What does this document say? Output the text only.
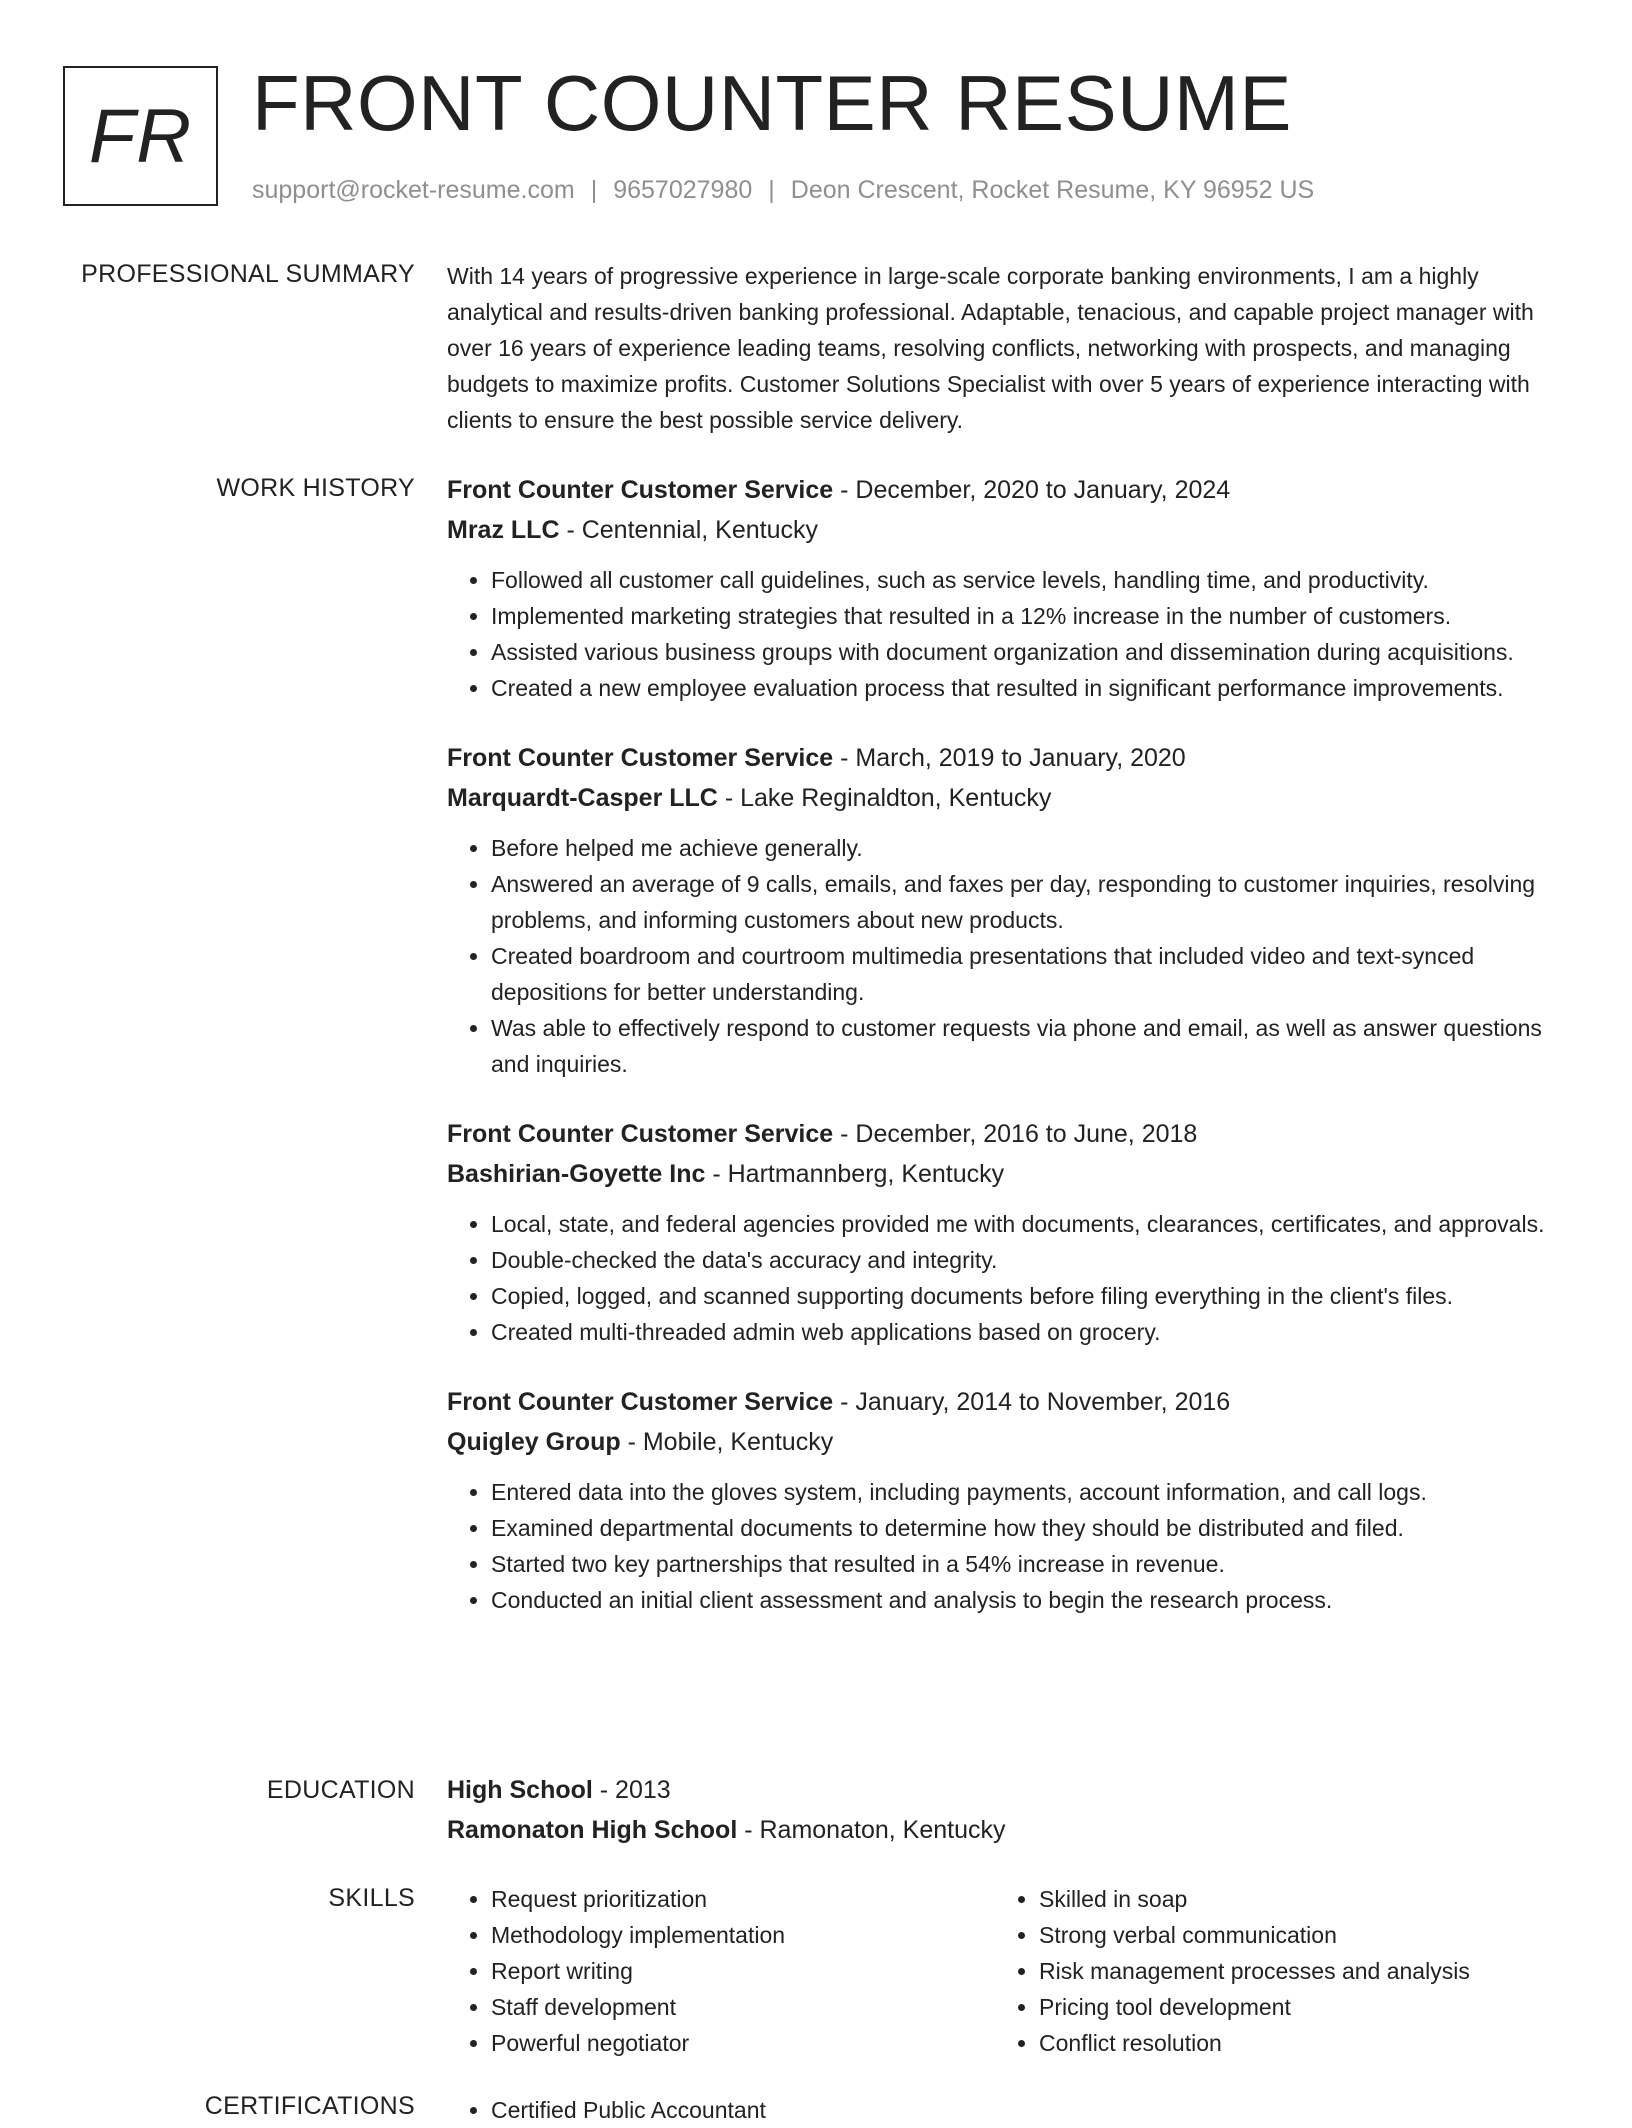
FR FRONT COUNTER RESUME
support@rocket-resume.com | 9657027980 | Deon Crescent, Rocket Resume, KY 96952 US
PROFESSIONAL SUMMARY With 14 years of progressive experience in large-scale corporate banking environments, I am a highly analytical and results-driven banking professional. Adaptable, tenacious, and capable project manager with over 16 years of experience leading teams, resolving conflicts, networking with prospects, and managing budgets to maximize profits. Customer Solutions Specialist with over 5 years of experience interacting with clients to ensure the best possible service delivery.

WORK HISTORY Front Counter Customer Service - December, 2020 to January, 2024
Mraz LLC - Centennial, Kentucky
• Followed all customer call guidelines, such as service levels, handling time, and productivity.
• Implemented marketing strategies that resulted in a 12% increase in the number of customers.
• Assisted various business groups with document organization and dissemination during acquisitions.
• Created a new employee evaluation process that resulted in significant performance improvements.
Front Counter Customer Service - March, 2019 to January, 2020
Marquardt-Casper LLC - Lake Reginaldton, Kentucky
• Before helped me achieve generally.
• Answered an average of 9 calls, emails, and faxes per day, responding to customer inquiries, resolving problems, and informing customers about new products.
• Created boardroom and courtroom multimedia presentations that included video and text-synced depositions for better understanding.
• Was able to effectively respond to customer requests via phone and email, as well as answer questions and inquiries.
Front Counter Customer Service - December, 2016 to June, 2018
Bashirian-Goyette Inc - Hartmannberg, Kentucky
• Local, state, and federal agencies provided me with documents, clearances, certificates, and approvals.
• Double-checked the data's accuracy and integrity.
• Copied, logged, and scanned supporting documents before filing everything in the client's files.
• Created multi-threaded admin web applications based on grocery.
Front Counter Customer Service - January, 2014 to November, 2016
Quigley Group - Mobile, Kentucky
• Entered data into the gloves system, including payments, account information, and call logs.
• Examined departmental documents to determine how they should be distributed and filed.
• Started two key partnerships that resulted in a 54% increase in revenue.
• Conducted an initial client assessment and analysis to begin the research process.
EDUCATION High School - 2013
Ramonaton High School - Ramonaton, Kentucky
SKILLS	• Request prioritization
• Methodology implementation
• Report writing
• Staff development
• Powerful negotiator
• Skilled in soap
• Strong verbal communication
• Risk management processes and analysis
• Pricing tool development
• Conflict resolution
CERTIFICATIONS	• Certified Public Accountant
